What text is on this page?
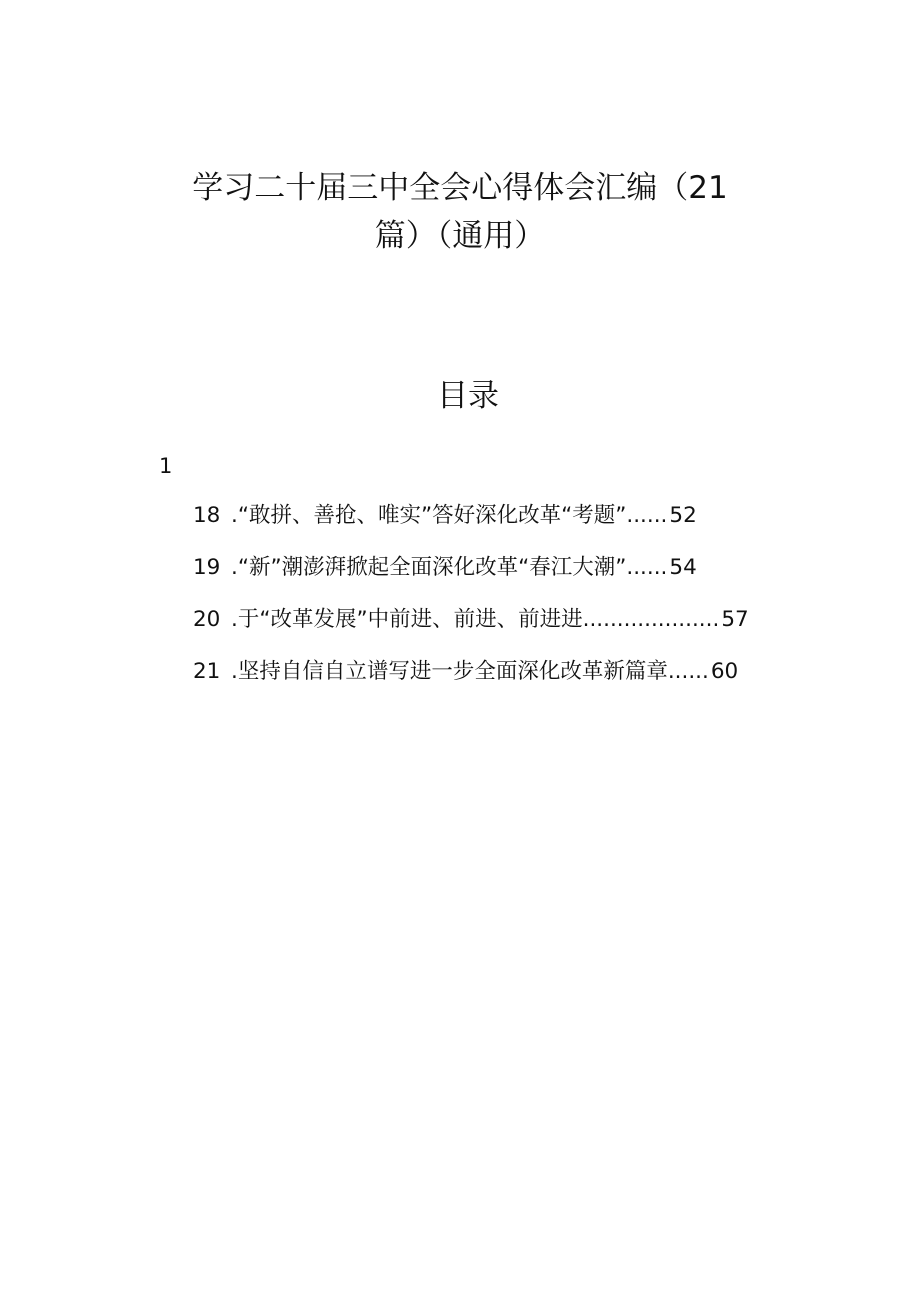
学习二十届三中全会心得体会汇编（21
篇）（通用）
目录
1
18 .“敢拼、善抢、唯实”答好深化改革“考题”......52
19 .“新”潮澎湃掀起全面深化改革“春江大潮”......54
20 .于“改革发展”中前进、前进、前进进....................57
21 .坚持自信自立谱写进一步全面深化改革新篇章......60
